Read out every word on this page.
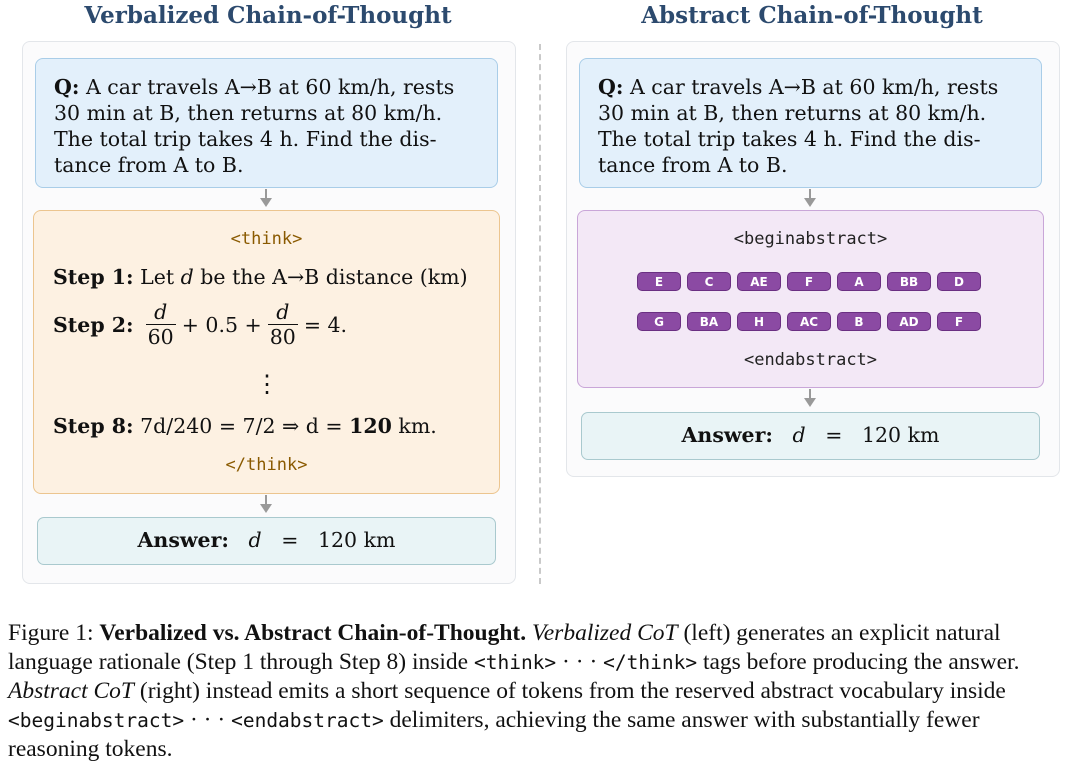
Verbalized Chain-of-Thought	Abstract Chain-of-Thought
Q: A car travels A→B at 60 km/h, rests
30 min at B, then returns at 80 km/h.
The total trip takes 4 h. Find the dis-
tance from A to B.
<think>
Step 1: Let d be the A→B distance (km)
Step 2: $\frac{d}{60} + 0.5 + \frac{d}{80} = 4$.
⋮
Step 8: 7d/240 = 7/2 ⇒ d = 120 km.
</think>
Answer: d = 120 km
Q: A car travels A→B at 60 km/h, rests
30 min at B, then returns at 80 km/h.
The total trip takes 4 h. Find the dis-
tance from A to B.
<beginabstract>
E	C	AE	F	A	BB	D
G	BA	H	AC	B	AD	F
<endabstract>
Answer: d = 120 km
Figure 1: Verbalized vs. Abstract Chain-of-Thought. Verbalized CoT (left) generates an explicit natural language rationale (Step 1 through Step 8) inside <think> · · · </think> tags before producing the answer. Abstract CoT (right) instead emits a short sequence of tokens from the reserved abstract vocabulary inside <beginabstract> · · · <endabstract> delimiters, achieving the same answer with substantially fewer reasoning tokens.
